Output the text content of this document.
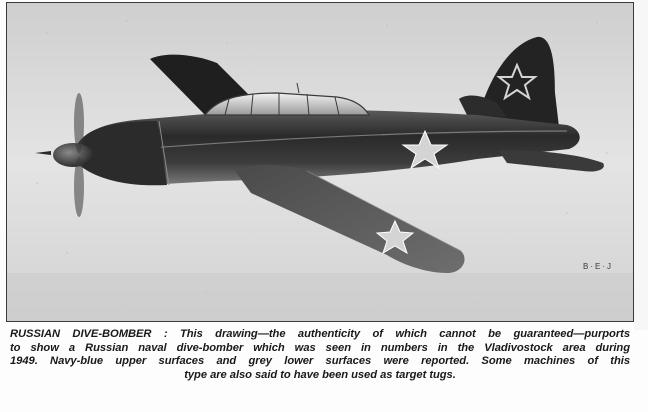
B·E·J
RUSSIAN DIVE-BOMBER : This drawing—the authenticity of which cannot be guaranteed—purports
to show a Russian naval dive-bomber which was seen in numbers in the Vladivostock area during
1949. Navy-blue upper surfaces and grey lower surfaces were reported. Some machines of this
type are also said to have been used as target tugs.
